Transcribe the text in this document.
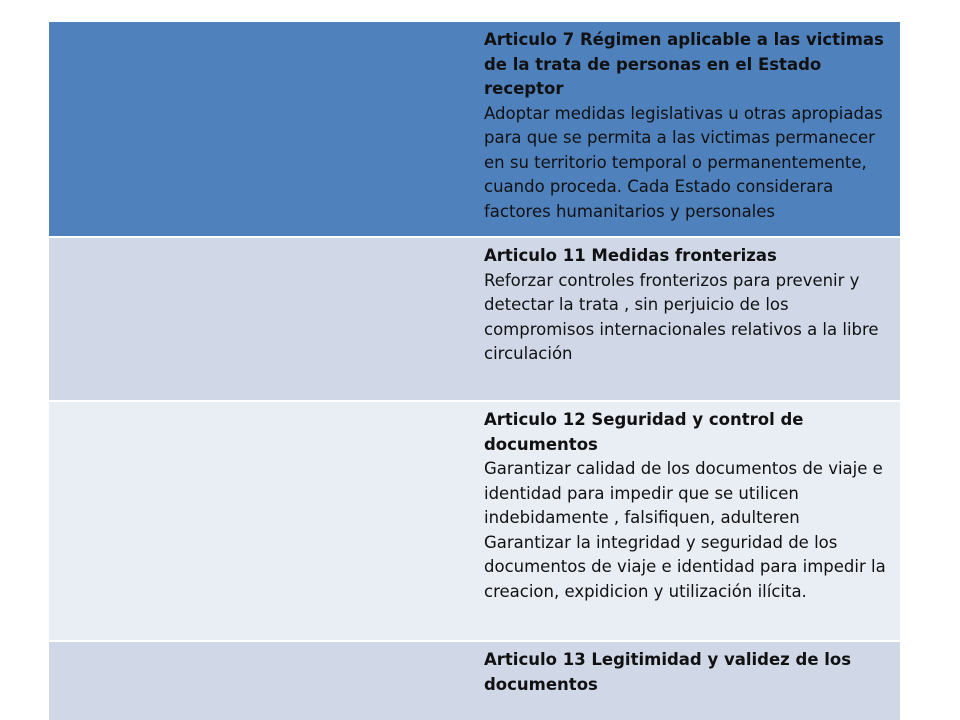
	Articulo 7 Régimen aplicable a las victimas de la trata de personas en el Estado receptor
Adoptar medidas legislativas u otras apropiadas para que se permita a las victimas permanecer en su territorio temporal o permanentemente, cuando proceda. Cada Estado considerara factores humanitarios y personales

	Articulo 11 Medidas fronterizas
Reforzar controles fronterizos para prevenir y detectar la trata , sin perjuicio de los compromisos internacionales relativos a la libre circulación

	Articulo 12 Seguridad y control de documentos
Garantizar calidad de los documentos de viaje e identidad para impedir que se utilicen indebidamente , falsifiquen, adulteren Garantizar la integridad y seguridad de los documentos de viaje e identidad para impedir la creacion, expidicion y utilización ilícita.

	Articulo 13 Legitimidad y validez de los documentos
